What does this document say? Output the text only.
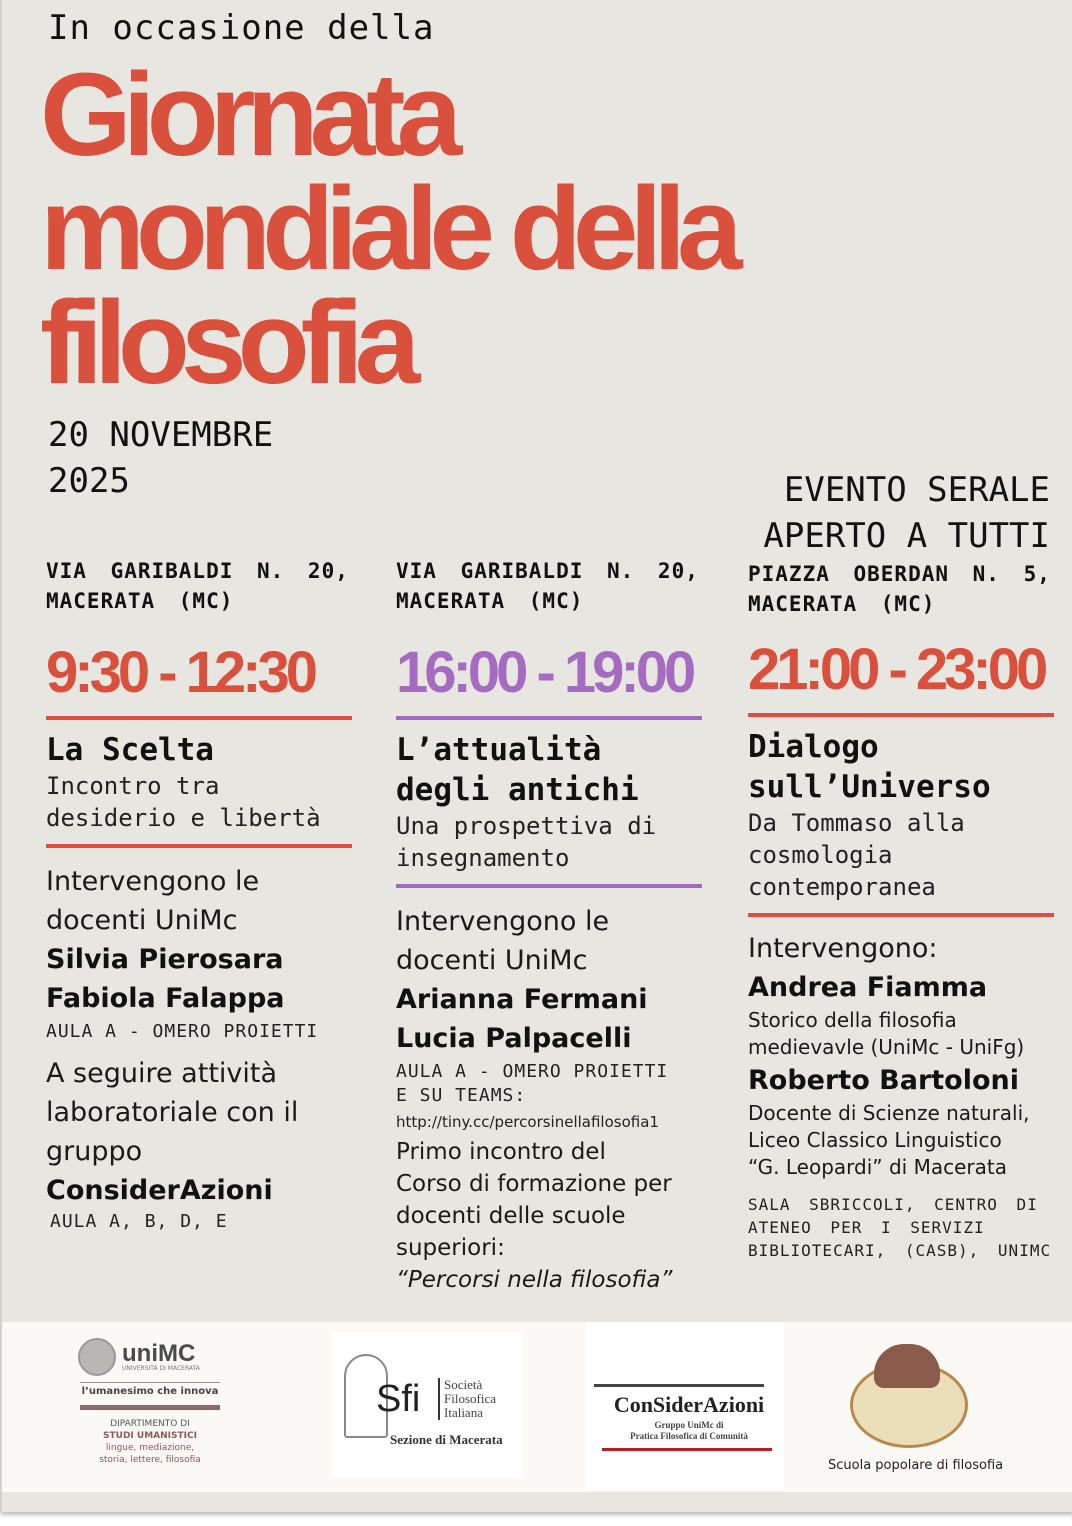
In occasione della
Giornata
mondiale della
filosofia
20 NOVEMBRE
2025	EVENTO SERALE
APERTO A TUTTI
VIA GARIBALDI N. 20,
MACERATA (MC)
9:30 - 12:30
La Scelta
Incontro tra
desiderio e libertà
Intervengono le
docenti UniMc
Silvia Pierosara
Fabiola Falappa
AULA A - OMERO PROIETTI
A seguire attività
laboratoriale con il
gruppo
ConsiderAzioni
AULA A, B, D, E
VIA GARIBALDI N. 20,
MACERATA (MC)
16:00 - 19:00
L’attualità
degli antichi
Una prospettiva di
insegnamento
Intervengono le
docenti UniMc
Arianna Fermani
Lucia Palpacelli
AULA A - OMERO PROIETTI
E SU TEAMS:
http://tiny.cc/percorsinellafilosofia1
Primo incontro del
Corso di formazione per
docenti delle scuole
superiori:
“Percorsi nella filosofia”
PIAZZA OBERDAN N. 5,
MACERATA (MC)
21:00 - 23:00
Dialogo
sull’Universo
Da Tommaso alla
cosmologia
contemporanea
Intervengono:
Andrea Fiamma
Storico della filosofia
medievavle (UniMc - UniFg)
Roberto Bartoloni
Docente di Scienze naturali,
Liceo Classico Linguistico
“G. Leopardi” di Macerata
SALA SBRICCOLI, CENTRO DI
ATENEO PER I SERVIZI
BIBLIOTECARI, (CASB), UNIMC
uniMC
UNIVERSITÀ DI MACERATA
l’umanesimo che innova
DIPARTIMENTO DI
STUDI UMANISTICI
lingue, mediazione,
storia, lettere, filosofia
Sfi Società
Filosofica
Italiana
Sezione di Macerata
ConSiderAzioni
Gruppo UniMc di
Pratica Filosofica di Comunità
Scuola popolare di filosofia
